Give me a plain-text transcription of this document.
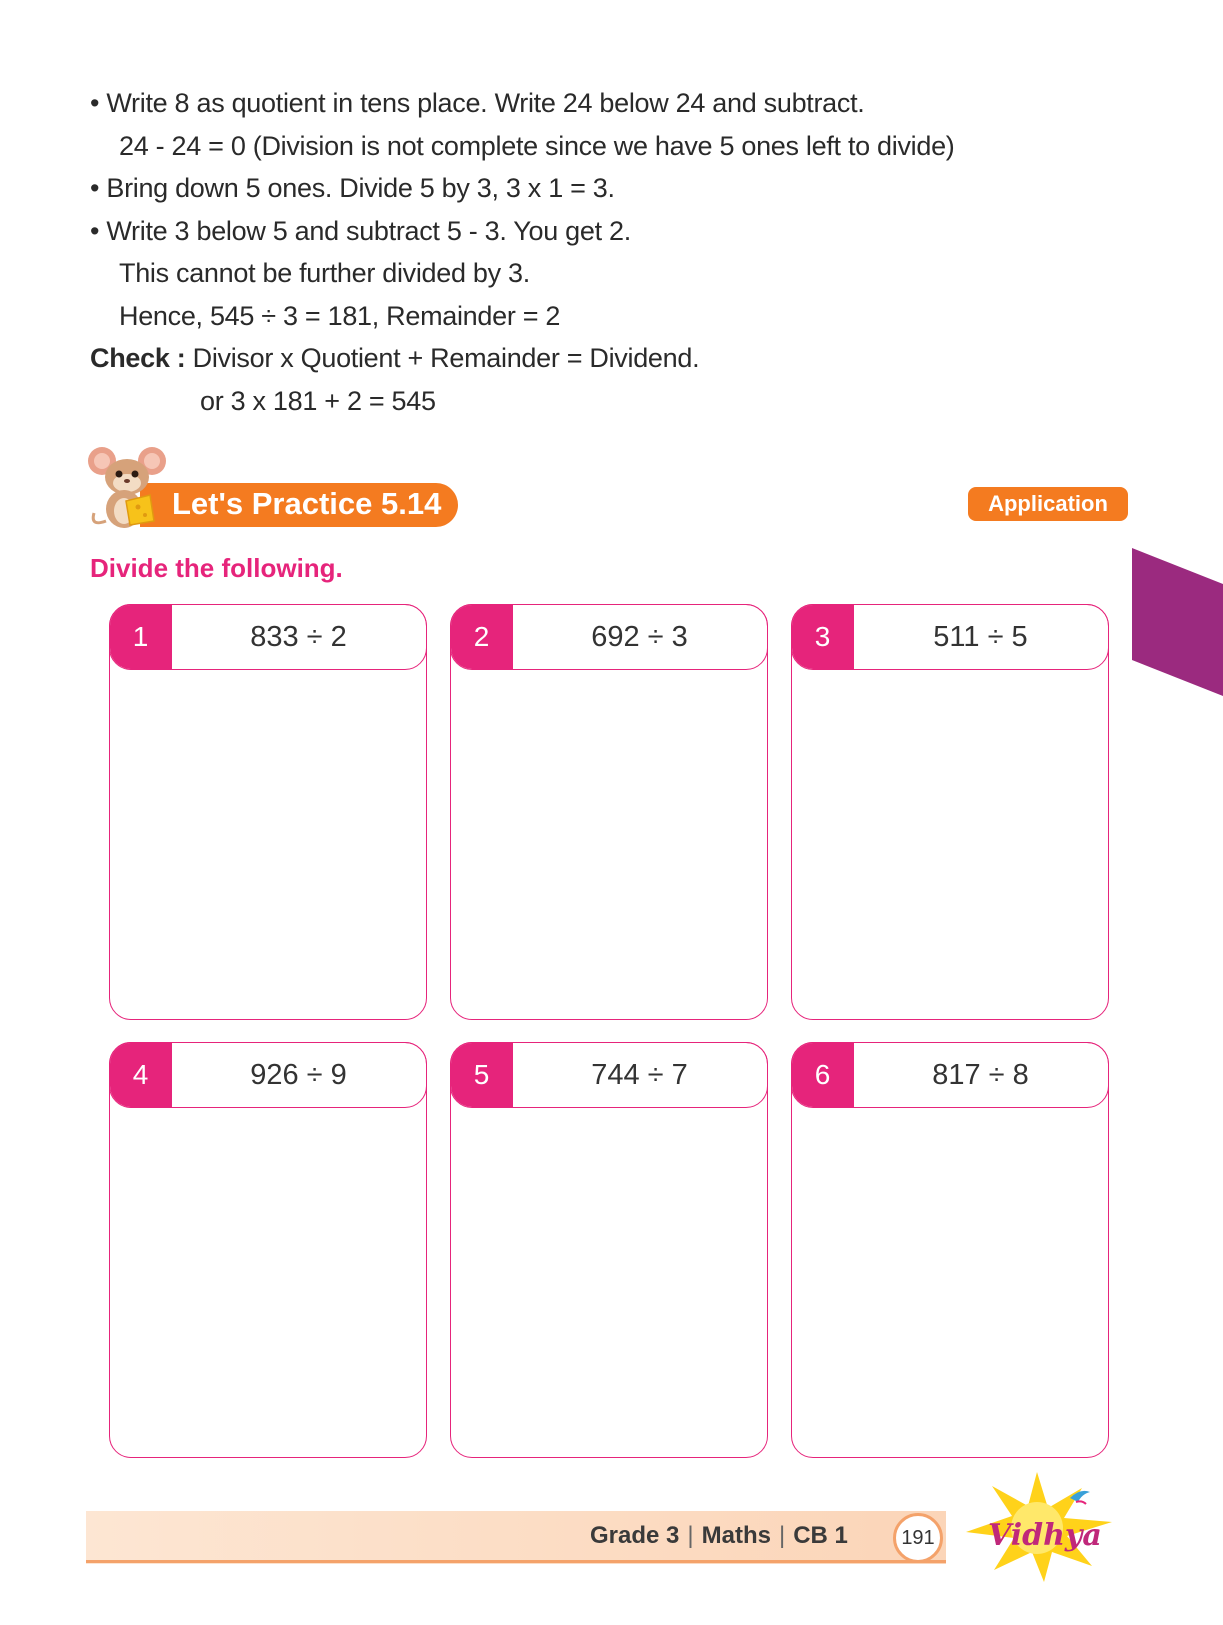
• Write 8 as quotient in tens place. Write 24 below 24 and subtract.
24 - 24 = 0 (Division is not complete since we have 5 ones left to divide)
• Bring down 5 ones. Divide 5 by 3, 3 x 1 = 3.
• Write 3 below 5 and subtract 5 - 3. You get 2.
This cannot be further divided by 3.
Hence, 545 ÷ 3 = 181, Remainder = 2
Check : Divisor x Quotient + Remainder = Dividend.
or 3 x 181 + 2 = 545
Let's Practice 5.14	Application
Divide the following.
1	833 ÷ 2	2	692 ÷ 3	3	511 ÷ 5
4	926 ÷ 9	5	744 ÷ 7	6	817 ÷ 8
Grade 3 | Maths | CB 1	191 Vidhya
